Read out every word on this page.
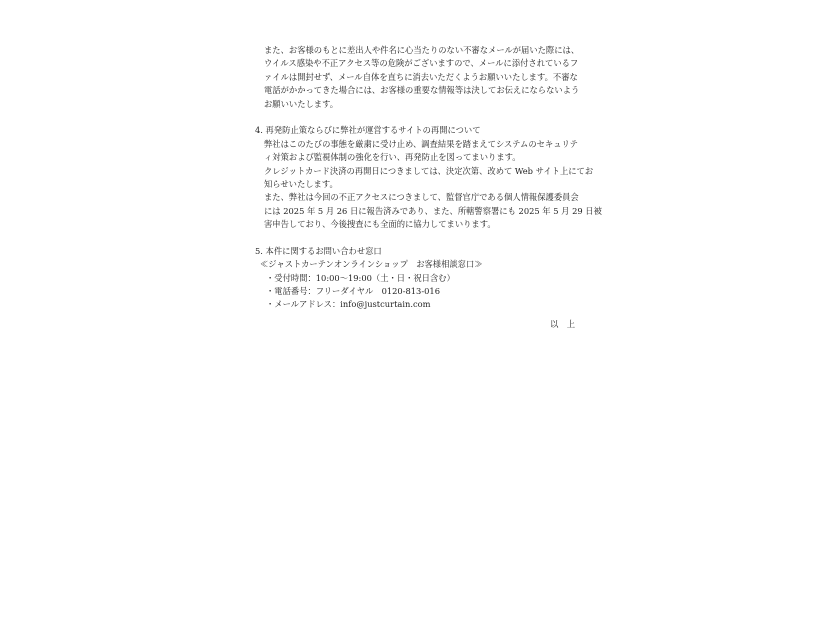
また、お客様のもとに差出人や件名に心当たりのない不審なメールが届いた際には、
ウイルス感染や不正アクセス等の危険がございますので、メールに添付されているフ
ァイルは開封せず、メール自体を直ちに消去いただくようお願いいたします。不審な
電話がかかってきた場合には、お客様の重要な情報等は決してお伝えにならないよう
お願いいたします。
4. 再発防止策ならびに弊社が運営するサイトの再開について
弊社はこのたびの事態を厳粛に受け止め、調査結果を踏まえてシステムのセキュリテ
ィ対策および監視体制の強化を行い、再発防止を図ってまいります。
クレジットカード決済の再開日につきましては、決定次第、改めて Web サイト上にてお
知らせいたします。
また、弊社は今回の不正アクセスにつきまして、監督官庁である個人情報保護委員会
には 2025 年 5 月 26 日に報告済みであり、また、所轄警察署にも 2025 年 5 月 29 日被
害申告しており、今後捜査にも全面的に協力してまいります。
5. 本件に関するお問い合わせ窓口
≪ジャストカーテンオンラインショップ　お客様相談窓口≫
・受付時間：10:00〜19:00（土・日・祝日含む）
・電話番号：フリーダイヤル　0120-813-016
・メールアドレス：info@justcurtain.com
以　上
